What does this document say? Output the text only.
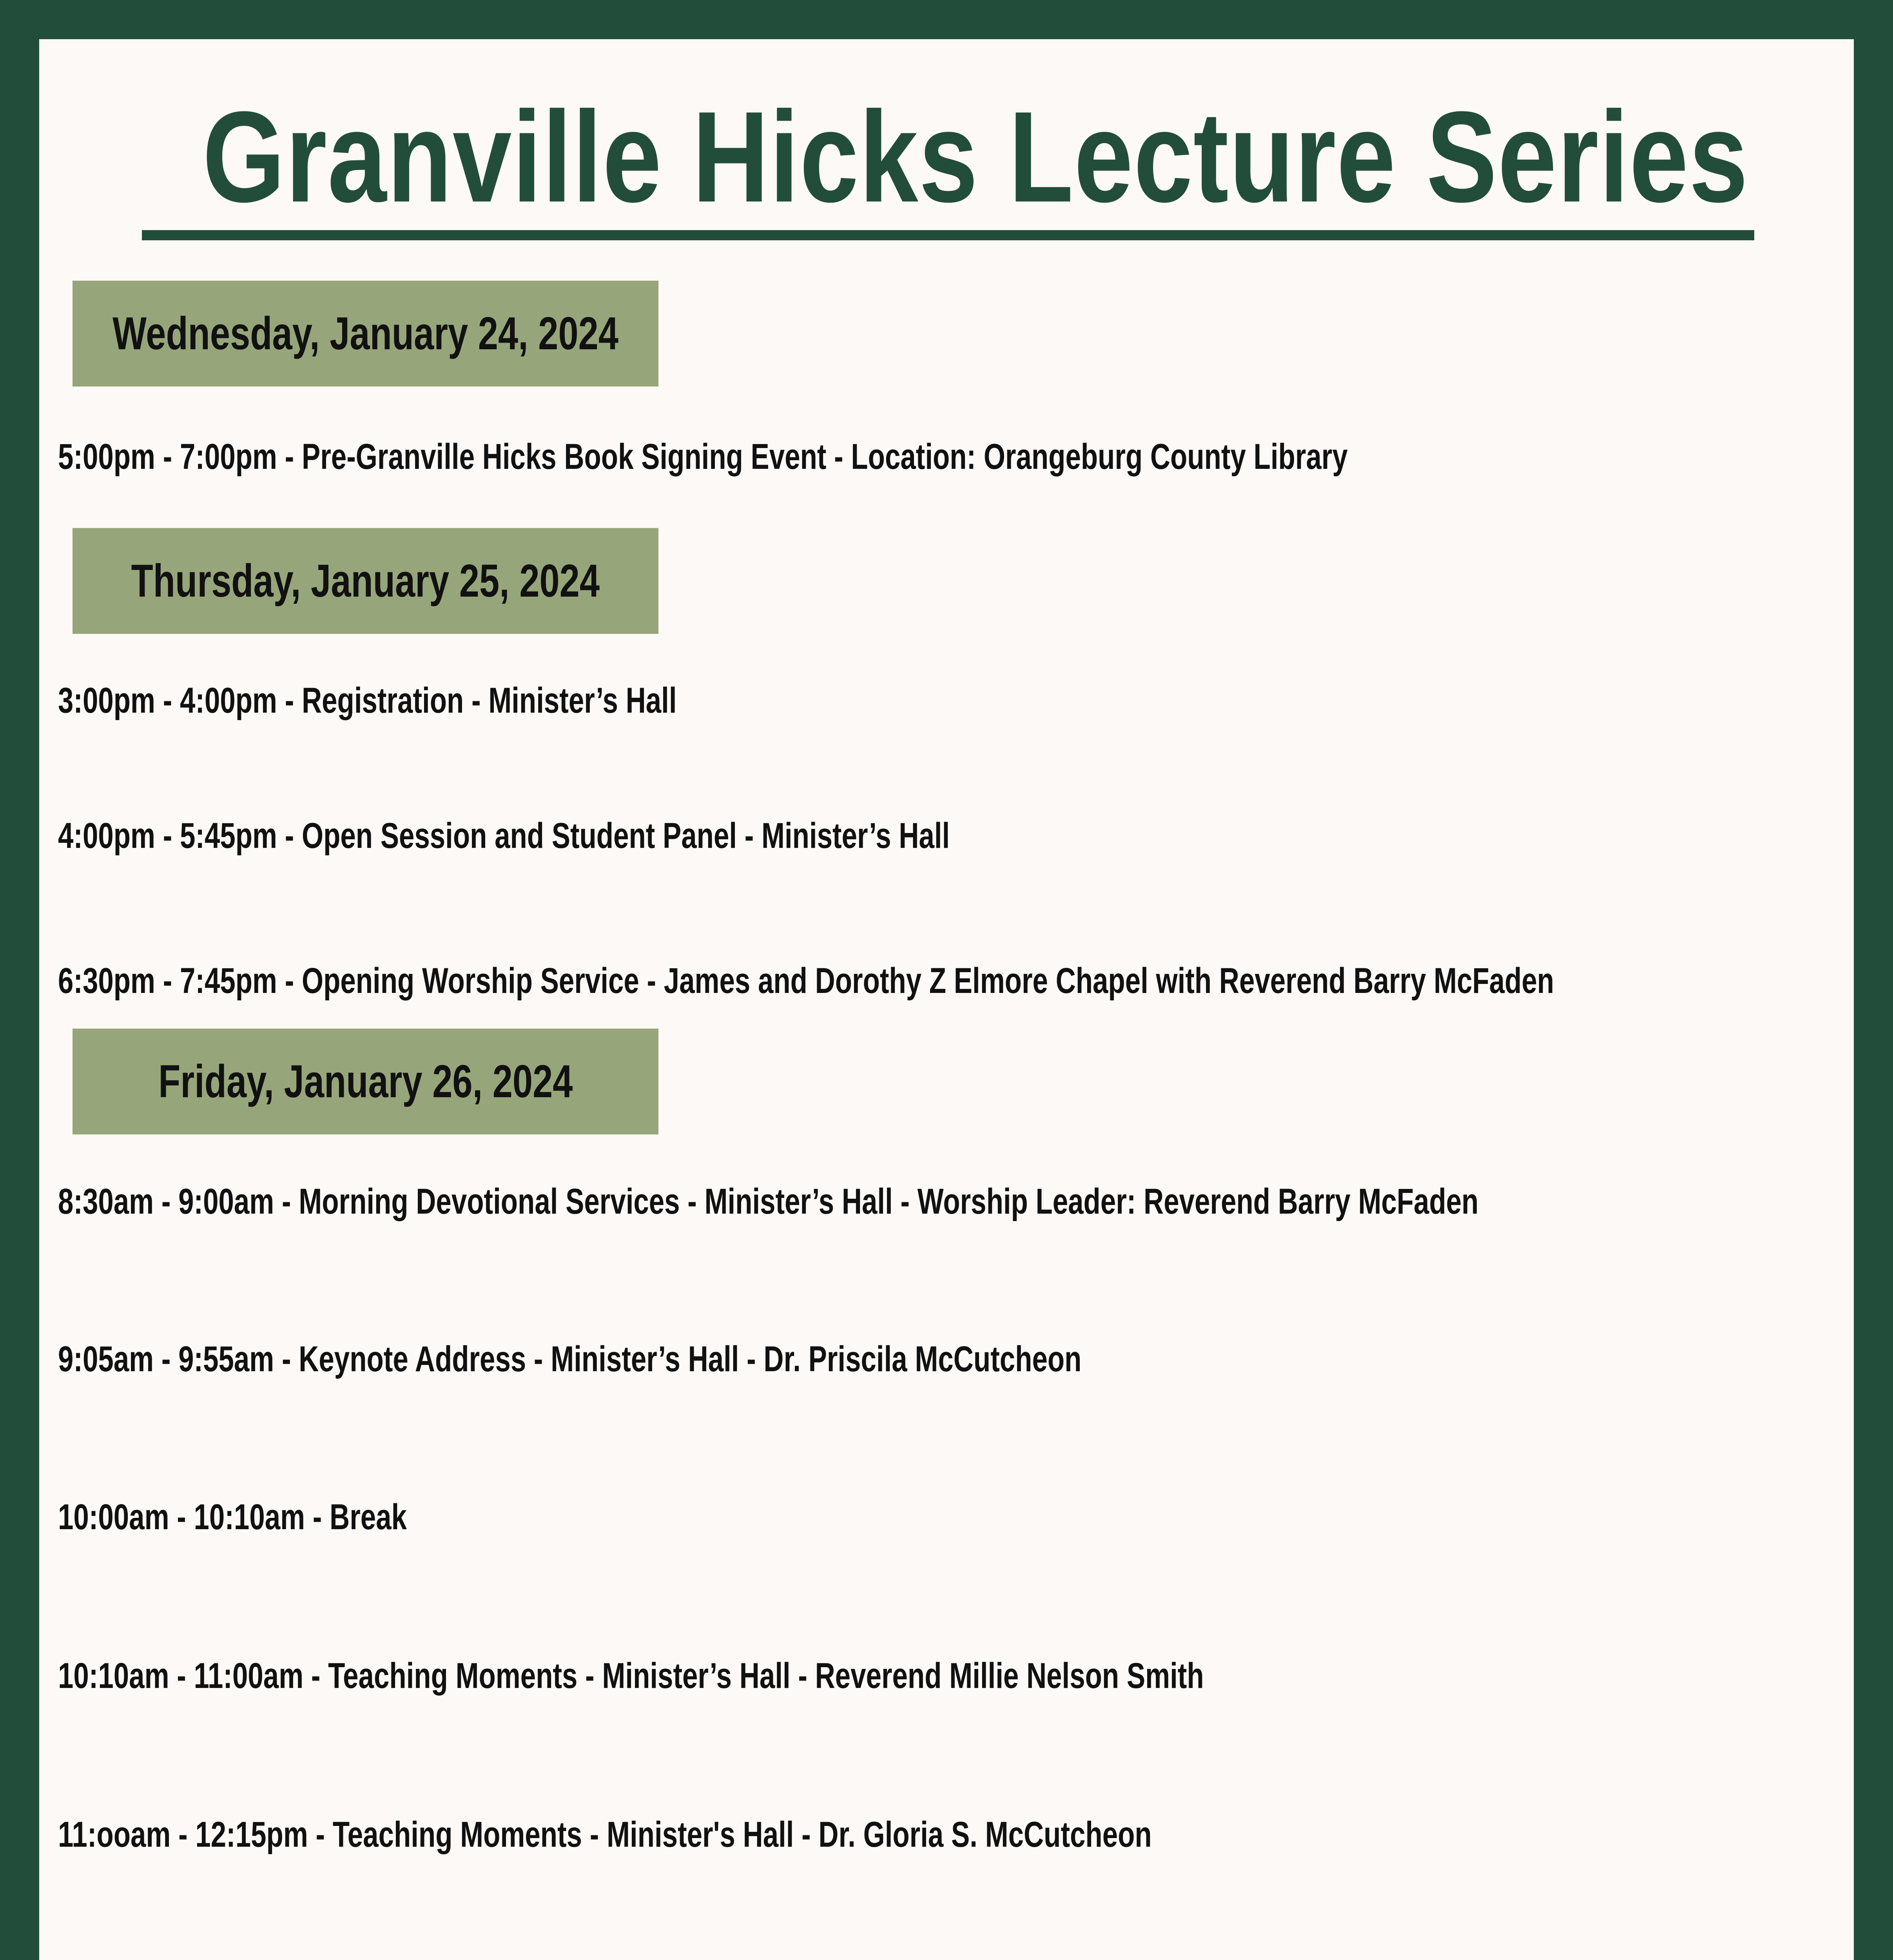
Granville Hicks Lecture Series
Wednesday, January 24, 2024
5:00pm - 7:00pm - Pre-Granville Hicks Book Signing Event - Location: Orangeburg County Library
Thursday, January 25, 2024
3:00pm - 4:00pm - Registration - Minister’s Hall
4:00pm - 5:45pm - Open Session and Student Panel - Minister’s Hall
6:30pm - 7:45pm - Opening Worship Service - James and Dorothy Z Elmore Chapel with Reverend Barry McFaden
Friday, January 26, 2024
8:30am - 9:00am - Morning Devotional Services - Minister’s Hall - Worship Leader: Reverend Barry McFaden
9:05am - 9:55am - Keynote Address - Minister’s Hall - Dr. Priscila McCutcheon
10:00am - 10:10am - Break
10:10am - 11:00am - Teaching Moments - Minister’s Hall - Reverend Millie Nelson Smith
11:ooam - 12:15pm - Teaching Moments - Minister's Hall - Dr. Gloria S. McCutcheon
